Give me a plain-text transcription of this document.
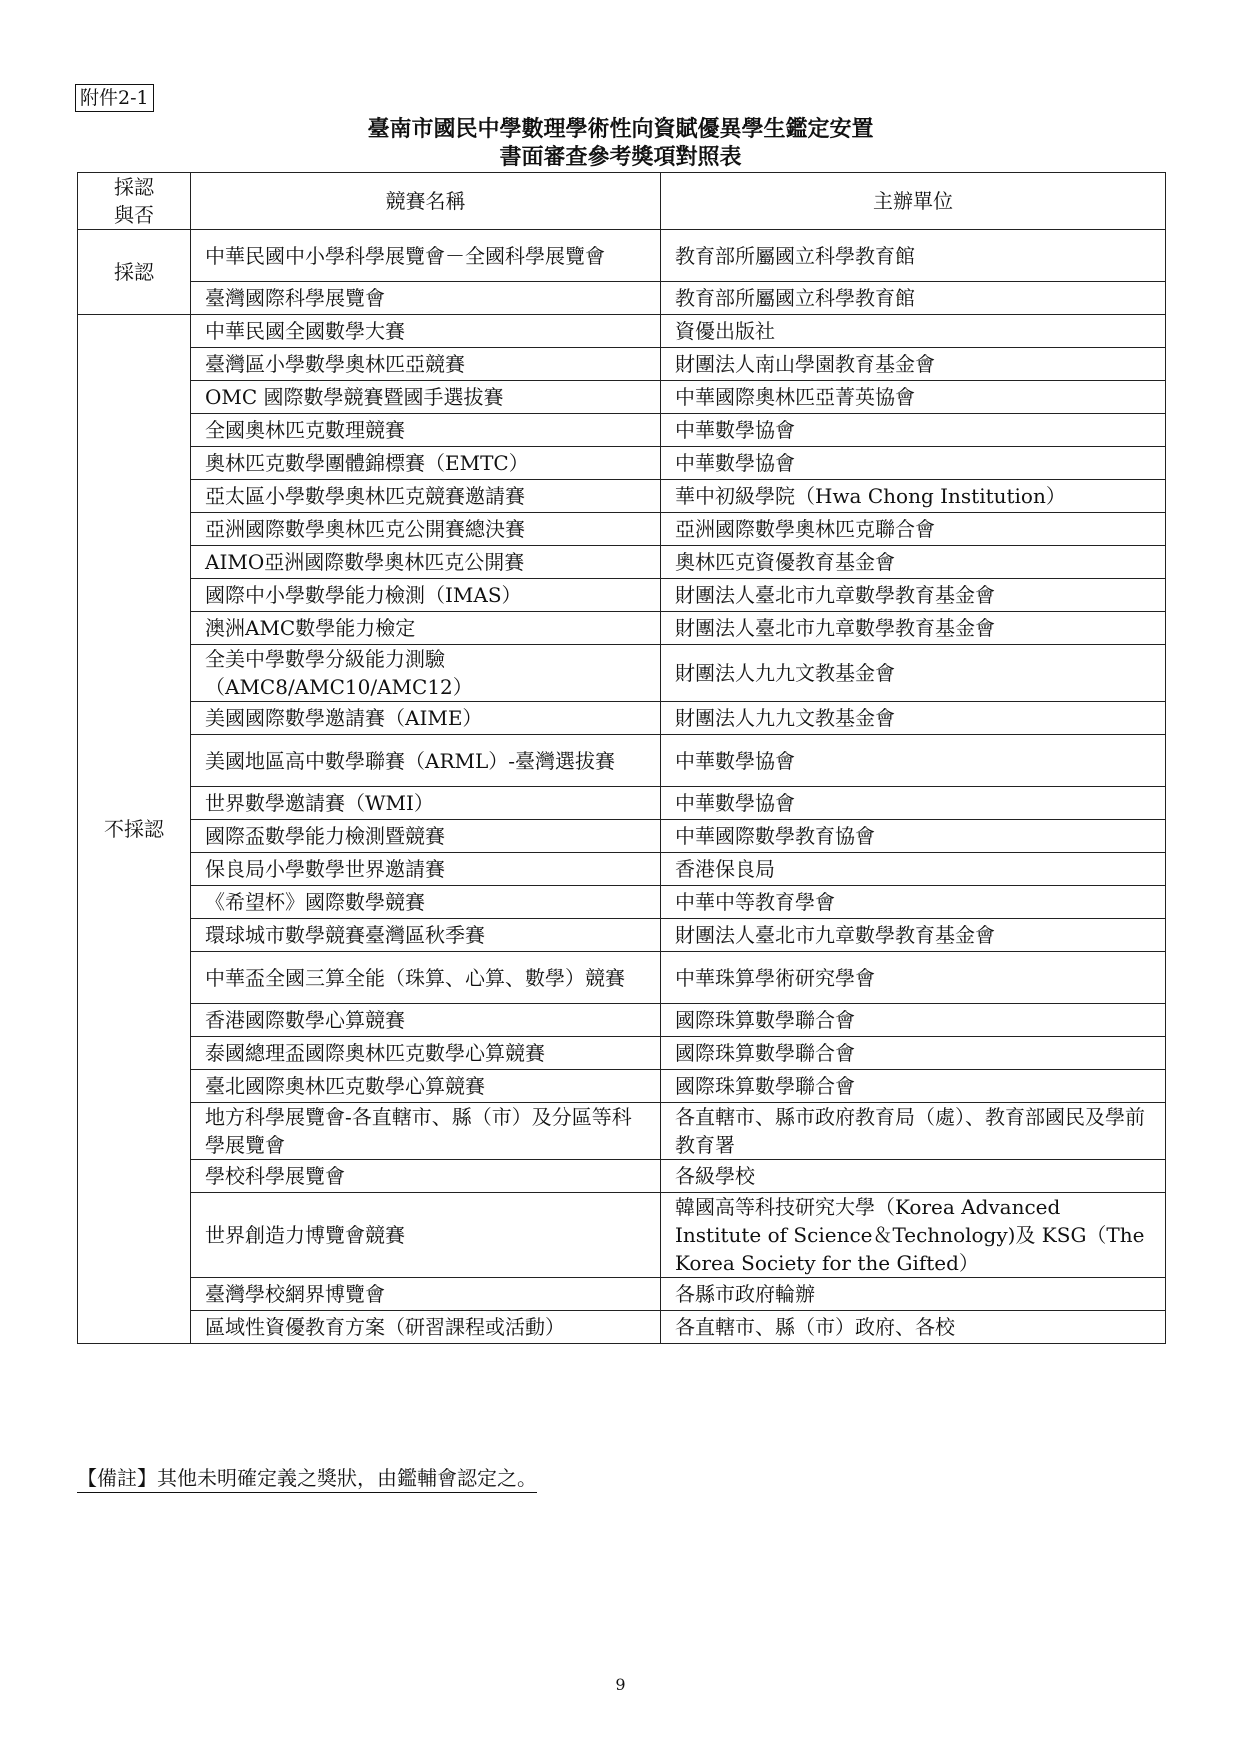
附件2-1
臺南市國民中學數理學術性向資賦優異學生鑑定安置
書面審查參考獎項對照表
採認
與否	競賽名稱	主辦單位
採認	中華民國中小學科學展覽會－全國科學展覽會	教育部所屬國立科學教育館
	臺灣國際科學展覽會	教育部所屬國立科學教育館
不採認	中華民國全國數學大賽	資優出版社
	臺灣區小學數學奧林匹亞競賽	財團法人南山學園教育基金會
	OMC 國際數學競賽暨國手選拔賽	中華國際奧林匹亞菁英協會
	全國奧林匹克數理競賽	中華數學協會
	奧林匹克數學團體錦標賽（EMTC）	中華數學協會
	亞太區小學數學奧林匹克競賽邀請賽	華中初級學院（Hwa Chong Institution）
	亞洲國際數學奧林匹克公開賽總決賽	亞洲國際數學奧林匹克聯合會
	AIMO亞洲國際數學奧林匹克公開賽	奧林匹克資優教育基金會
	國際中小學數學能力檢測（IMAS）	財團法人臺北市九章數學教育基金會
	澳洲AMC數學能力檢定	財團法人臺北市九章數學教育基金會
	全美中學數學分級能力測驗
（AMC8/AMC10/AMC12）	財團法人九九文教基金會
	美國國際數學邀請賽（AIME）	財團法人九九文教基金會
	美國地區高中數學聯賽（ARML）-臺灣選拔賽	中華數學協會
	世界數學邀請賽（WMI）	中華數學協會
	國際盃數學能力檢測暨競賽	中華國際數學教育協會
	保良局小學數學世界邀請賽	香港保良局
	《希望杯》國際數學競賽	中華中等教育學會
	環球城市數學競賽臺灣區秋季賽	財團法人臺北市九章數學教育基金會
	中華盃全國三算全能（珠算、心算、數學）競賽	中華珠算學術研究學會
	香港國際數學心算競賽	國際珠算數學聯合會
	泰國總理盃國際奧林匹克數學心算競賽	國際珠算數學聯合會
	臺北國際奧林匹克數學心算競賽	國際珠算數學聯合會
	地方科學展覽會-各直轄市、縣（市）及分區等科學展覽會	各直轄市、縣市政府教育局（處）、教育部國民及學前教育署
	學校科學展覽會	各級學校
	世界創造力博覽會競賽	韓國高等科技研究大學（Korea Advanced Institute of Science＆Technology)及 KSG（The Korea Society for the Gifted）
	臺灣學校網界博覽會	各縣市政府輪辦
	區域性資優教育方案（研習課程或活動）	各直轄市、縣（市）政府、各校
【備註】其他未明確定義之獎狀，由鑑輔會認定之。
9
